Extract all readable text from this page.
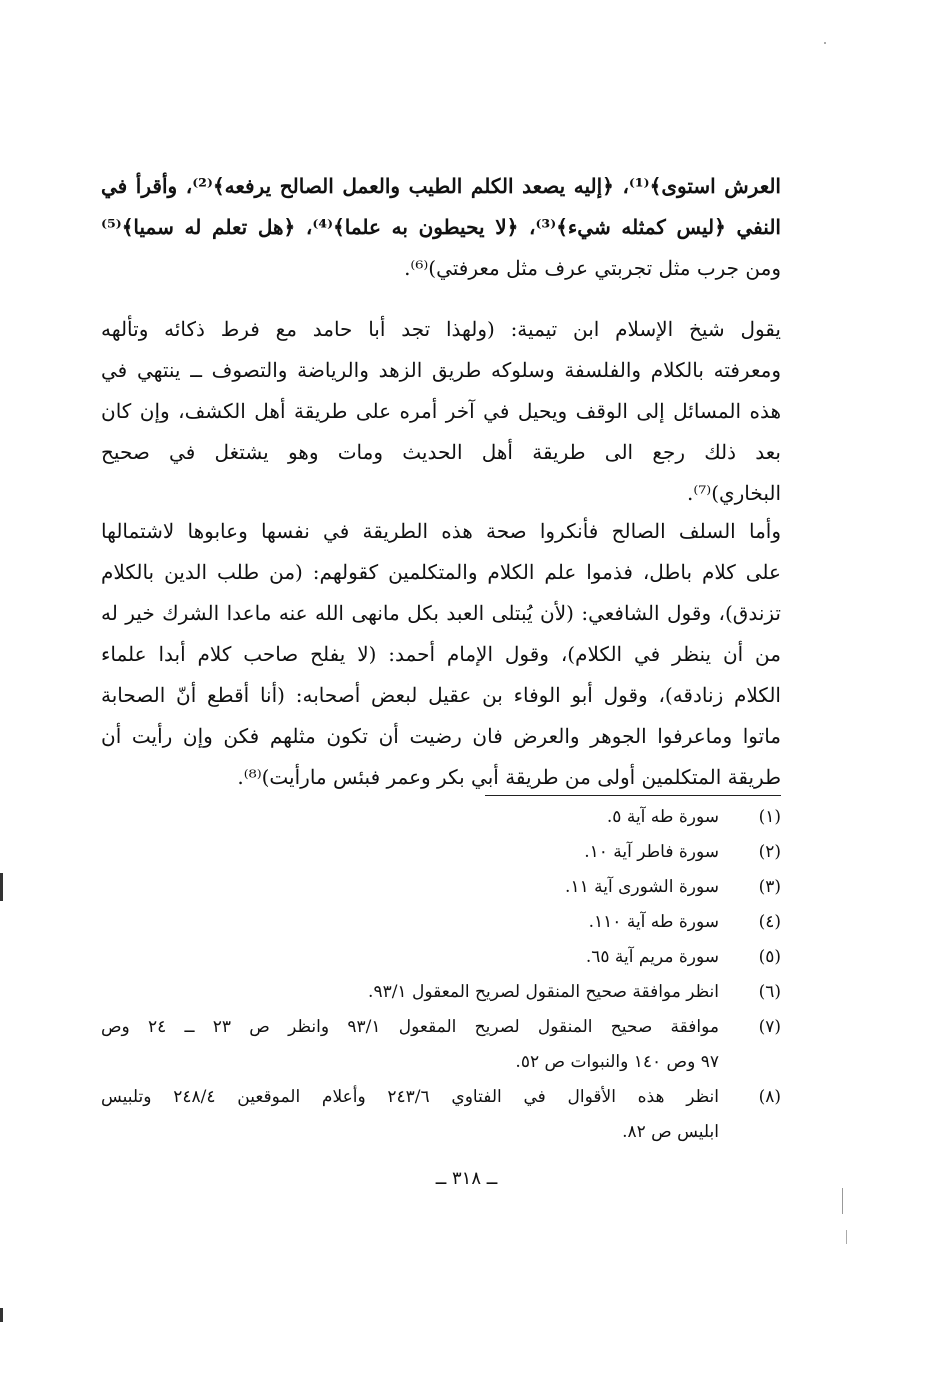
العرش استوى﴾⁽¹⁾، ﴿إليه يصعد الكلم الطيب والعمل الصالح يرفعه﴾⁽²⁾، وأقرأ في
النفي ﴿ليس كمثله شيء﴾⁽³⁾، ﴿لا يحيطون به علما﴾⁽⁴⁾، ﴿هل تعلم له سميا﴾⁽⁵⁾
ومن جرب مثل تجربتي عرف مثل معرفتي)⁽⁶⁾.
يقول شيخ الإسلام ابن تيمية: (ولهذا تجد أبا حامد مع فرط ذكائه وتألهه
ومعرفته بالكلام والفلسفة وسلوكه طريق الزهد والرياضة والتصوف ــ ينتهي في
هذه المسائل إلى الوقف ويحيل في آخر أمره على طريقة أهل الكشف، وإن كان
بعد ذلك رجع الى طريقة أهل الحديث ومات وهو يشتغل في صحيح
البخاري)⁽⁷⁾.
وأما السلف الصالح فأنكروا صحة هذه الطريقة في نفسها وعابوها لاشتمالها
على كلام باطل، فذموا علم الكلام والمتكلمين كقولهم: (من طلب الدين بالكلام
تزندق)، وقول الشافعي: (لأن يُبتلى العبد بكل مانهى الله عنه ماعدا الشرك خير له
من أن ينظر في الكلام)، وقول الإمام أحمد: (لا يفلح صاحب كلام أبدا علماء
الكلام زنادقه)، وقول أبو الوفاء بن عقيل لبعض أصحابه: (أنا أقطع أنّ الصحابة
ماتوا وماعرفوا الجوهر والعرض فان رضيت أن تكون مثلهم فكن وإن رأيت أن
طريقة المتكلمين أولى من طريقة أبي بكر وعمر فبئس مارأيت)⁽⁸⁾.
(١)
سورة طه آية ٥.
(٢)
سورة فاطر آية ١٠.
(٣)
سورة الشورى آية ١١.
(٤)
سورة طه آية ١١٠.
(٥)
سورة مريم آية ٦٥.
(٦)
انظر موافقة صحيح المنقول لصريح المعقول ٩٣/١.
(٧)
موافقة صحيح المنقول لصريح المقعول ٩٣/١ وانظر ص ٢٣ ــ ٢٤ وص
٩٧ وص ١٤٠ والنبوات ص ٥٢.
(٨)
انظر هذه الأقوال في الفتاوي ٢٤٣/٦ وأعلام الموقعين ٢٤٨/٤ وتلبيس
ابليس ص ٨٢.
ــ ٣١٨ ــ
